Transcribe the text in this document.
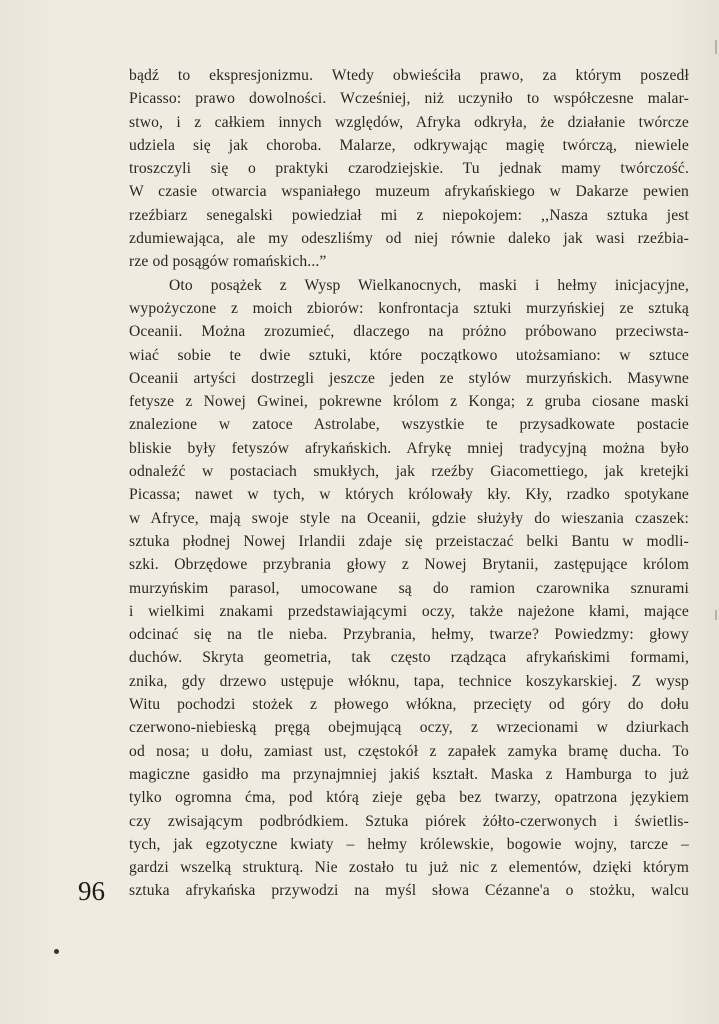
bądź to ekspresjonizmu. Wtedy obwieściła prawo, za którym poszedł
Picasso: prawo dowolności. Wcześniej, niż uczyniło to współczesne malar-
stwo, i z całkiem innych względów, Afryka odkryła, że działanie twórcze
udziela się jak choroba. Malarze, odkrywając magię twórczą, niewiele
troszczyli się o praktyki czarodziejskie. Tu jednak mamy twórczość.
W czasie otwarcia wspaniałego muzeum afrykańskiego w Dakarze pewien
rzeźbiarz senegalski powiedział mi z niepokojem: ,,Nasza sztuka jest
zdumiewająca, ale my odeszliśmy od niej równie daleko jak wasi rzeźbia-
rze od posągów romańskich...”
Oto posążek z Wysp Wielkanocnych, maski i hełmy inicjacyjne,
wypożyczone z moich zbiorów: konfrontacja sztuki murzyńskiej ze sztuką
Oceanii. Można zrozumieć, dlaczego na próżno próbowano przeciwsta-
wiać sobie te dwie sztuki, które początkowo utożsamiano: w sztuce
Oceanii artyści dostrzegli jeszcze jeden ze stylów murzyńskich. Masywne
fetysze z Nowej Gwinei, pokrewne królom z Konga; z gruba ciosane maski
znalezione w zatoce Astrolabe, wszystkie te przysadkowate postacie
bliskie były fetyszów afrykańskich. Afrykę mniej tradycyjną można było
odnaleźć w postaciach smukłych, jak rzeźby Giacomettiego, jak kretejki
Picassa; nawet w tych, w których królowały kły. Kły, rzadko spotykane
w Afryce, mają swoje style na Oceanii, gdzie służyły do wieszania czaszek:
sztuka płodnej Nowej Irlandii zdaje się przeistaczać belki Bantu w modli-
szki. Obrzędowe przybrania głowy z Nowej Brytanii, zastępujące królom
murzyńskim parasol, umocowane są do ramion czarownika sznurami
i wielkimi znakami przedstawiającymi oczy, także najeżone kłami, mające
odcinać się na tle nieba. Przybrania, hełmy, twarze? Powiedzmy: głowy
duchów. Skryta geometria, tak często rządząca afrykańskimi formami,
znika, gdy drzewo ustępuje włóknu, tapa, technice koszykarskiej. Z wysp
Witu pochodzi stożek z płowego włókna, przecięty od góry do dołu
czerwono-niebieską pręgą obejmującą oczy, z wrzecionami w dziurkach
od nosa; u dołu, zamiast ust, częstokół z zapałek zamyka bramę ducha. To
magiczne gasidło ma przynajmniej jakiś kształt. Maska z Hamburga to już
tylko ogromna ćma, pod którą zieje gęba bez twarzy, opatrzona językiem
czy zwisającym podbródkiem. Sztuka piórek żółto-czerwonych i świetlis-
tych, jak egzotyczne kwiaty – hełmy królewskie, bogowie wojny, tarcze –
gardzi wszelką strukturą. Nie zostało tu już nic z elementów, dzięki którym
sztuka afrykańska przywodzi na myśl słowa Cézanne'a o stożku, walcu
96
